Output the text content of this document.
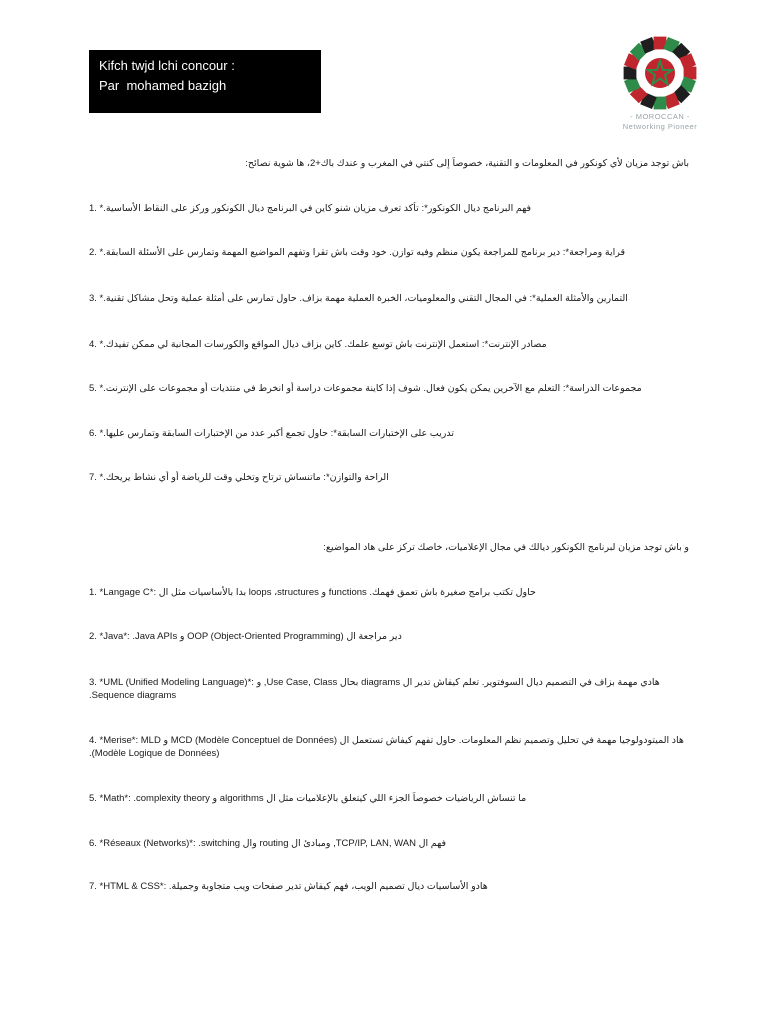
Kifch twjd lchi concour :
Par  mohamed bazigh
- MOROCCAN -
Networking Pioneer
باش توجد مزيان لأي كونكور في المعلومات و التقنية، خصوصاً إلى كنتي في المغرب و عندك باك+2، ها شوية نصائح:
1. *فهم البرنامج ديال الكونكور*: تأكد تعرف مزيان شنو كاين في البرنامج ديال الكونكور وركز على النقاط الأساسية.
2. *قراية ومراجعة*: دير برنامج للمراجعة يكون منظم وفيه توازن. خود وقت باش تقرا وتفهم المواضيع المهمة وتمارس على الأسئلة السابقة.
3. *التمارين والأمثلة العملية*: في المجال التقني والمعلوميات، الخبرة العملية مهمة بزاف. حاول تمارس على أمثلة عملية وتحل مشاكل تقنية.
4. *مصادر الإنترنت*: استعمل الإنترنت باش توسع علمك. كاين بزاف ديال المواقع والكورسات المجانية لي ممكن تفيدك.
5. *مجموعات الدراسة*: التعلم مع الآخرين يمكن يكون فعال. شوف إذا كاينة مجموعات دراسة أو انخرط في منتديات أو مجموعات على الإنترنت.
6. *تدريب على الإختبارات السابقة*: حاول تجمع أكبر عدد من الإختبارات السابقة وتمارس عليها.
7. *الراحة والتوازن*: ماتنساش ترتاح وتخلي وقت للرياضة أو أي نشاط يريحك.
و باش توجد مزيان لبرنامج الكونكور ديالك في مجال الإعلاميات، خاصك تركز على هاد المواضيع:
1. *Langage C*: حاول تكتب برامج صغيرة باش تعمق فهمك. functions و loops ،structures بدا بالأساسيات مثل ال
2. *Java*: دير مراجعة ال OOP (Object-Oriented Programming) و Java APIs.
3. *UML (Unified Modeling Language)*: هادي مهمة بزاف في التصميم ديال السوفتوير. تعلم كيفاش تدير ال diagrams بحال Use Case, Class, و Sequence diagrams.
4. *Merise*: هاد الميتودولوجيا مهمة في تحليل وتصميم نظم المعلومات. حاول تفهم كيفاش تستعمل ال MCD (Modèle Conceptuel de Données) و MLD (Modèle Logique de Données).
5. *Math*: ما تنساش الرياضيات خصوصاً الجزء اللي كيتعلق بالإعلاميات مثل ال algorithms و complexity theory.
6. *Réseaux (Networks)*: فهم ال TCP/IP, LAN, WAN, ومبادئ ال routing وال switching.
7. *HTML & CSS*: هادو الأساسيات ديال تصميم الويب، فهم كيفاش تدير صفحات ويب متجاوبة وجميلة.
